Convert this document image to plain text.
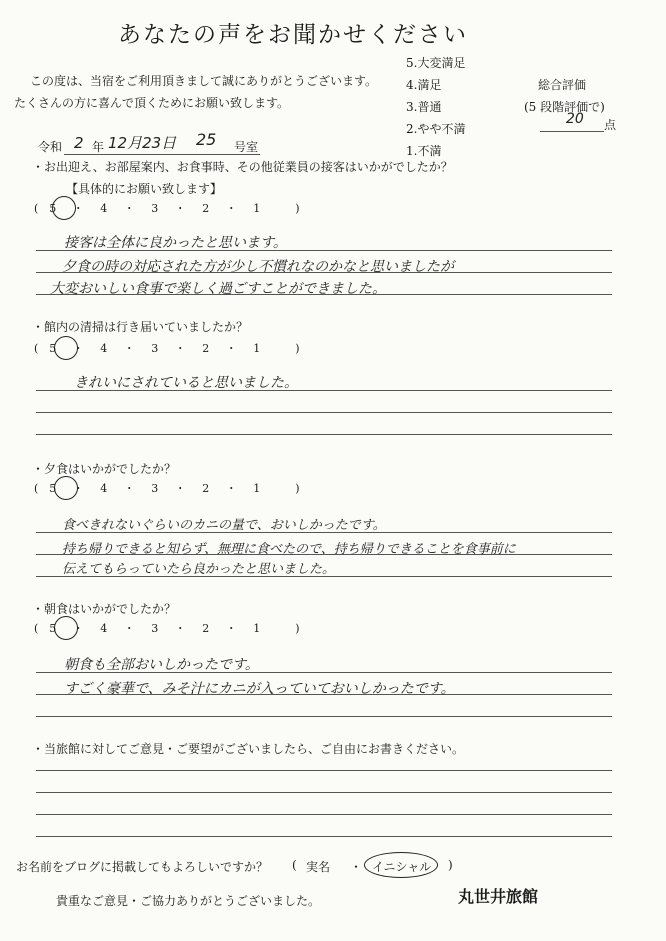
あなたの声をお聞かせください
この度は、当宿をご利用頂きまして誠にありがとうございます。
たくさんの方に喜んで頂くためにお願い致します。
5.大変満足
4.満足
3.普通
2.やや不満
1.不満
総合評価
(5 段階評価で)
20 点
令和 2 年 12月23日 25 号室
・お出迎え、お部屋案内、お食事時、その他従業員の接客はいかがでしたか？
【具体的にお願い致します】
( 5 ・ 4 ・ 3 ・ 2 ・ 1	)
接客は全体に良かったと思います。
夕食の時の対応された方が少し不慣れなのかなと思いましたが
大変おいしい食事で楽しく過ごすことができました。
・館内の清掃は行き届いていましたか？
( 5 ・ 4 ・ 3 ・ 2 ・ 1	)
きれいにされていると思いました。
・夕食はいかがでしたか？
( 5 ・ 4 ・ 3 ・ 2 ・ 1	)
食べきれないぐらいのカニの量で、おいしかったです。
持ち帰りできると知らず、無理に食べたので、持ち帰りできることを食事前に
伝えてもらっていたら良かったと思いました。
・朝食はいかがでしたか？
( 5 ・ 4 ・ 3 ・ 2 ・ 1	)
朝食も全部おいしかったです。
すごく豪華で、みそ汁にカニが入っていておいしかったです。
・当旅館に対してご意見・ご要望がございましたら、ご自由にお書きください。
お名前をブログに掲載してもよろしいですか？ ( 実名 ・ イニシャル )
貴重なご意見・ご協力ありがとうございました。	丸世井旅館
